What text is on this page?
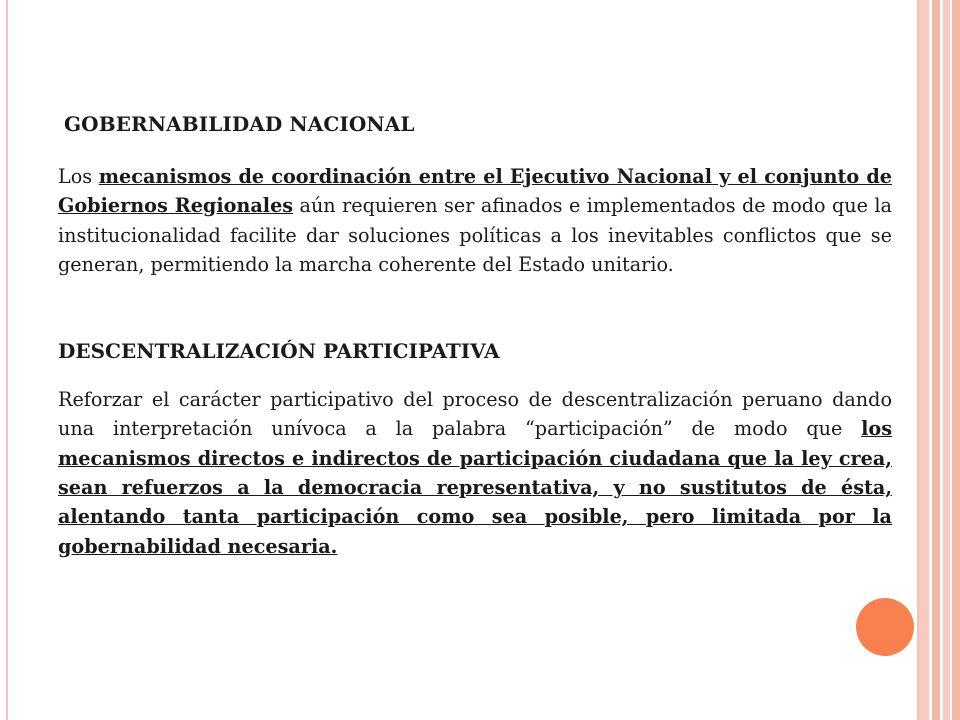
GOBERNABILIDAD NACIONAL

Los mecanismos de coordinación entre el Ejecutivo Nacional y el conjunto de Gobiernos Regionales aún requieren ser afinados e implementados de modo que la institucionalidad facilite dar soluciones políticas a los inevitables conflictos que se generan, permitiendo la marcha coherente del Estado unitario.

DESCENTRALIZACIÓN PARTICIPATIVA

Reforzar el carácter participativo del proceso de descentralización peruano dando una interpretación unívoca a la palabra “participación” de modo que los mecanismos directos e indirectos de participación ciudadana que la ley crea, sean refuerzos a la democracia representativa, y no sustitutos de ésta, alentando tanta participación como sea posible, pero limitada por la gobernabilidad necesaria.
